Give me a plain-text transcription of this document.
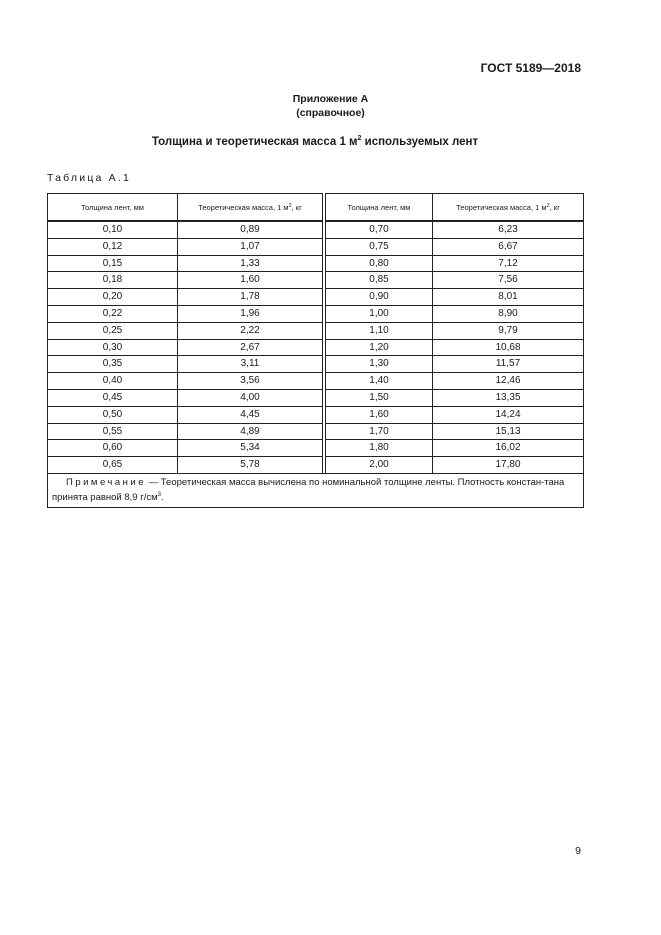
ГОСТ 5189—2018
Приложение А
(справочное)
Толщина и теоретическая масса 1 $м^2$ используемых лент
Таблица А.1
Толщина лент, мм	Теоретическая масса, 1 $м^2$, кг		Толщина лент, мм	Теоретическая масса, 1 $м^2$, кг
0,10	0,89		0,70	6,23
0,12	1,07		0,75	6,67
0,15	1,33		0,80	7,12
0,18	1,60		0,85	7,56
0,20	1,78		0,90	8,01
0,22	1,96		1,00	8,90
0,25	2,22		1,10	9,79
0,30	2,67		1,20	10,68
0,35	3,11		1,30	11,57
0,40	3,56		1,40	12,46
0,45	4,00		1,50	13,35
0,50	4,45		1,60	14,24
0,55	4,89		1,70	15,13
0,60	5,34		1,80	16,02
0,65	5,78		2,00	17,80
Примечание — Теоретическая масса вычислена по номинальной толщине ленты. Плотность констан-тана принята равной 8,9 $г/см^3$.				
9
